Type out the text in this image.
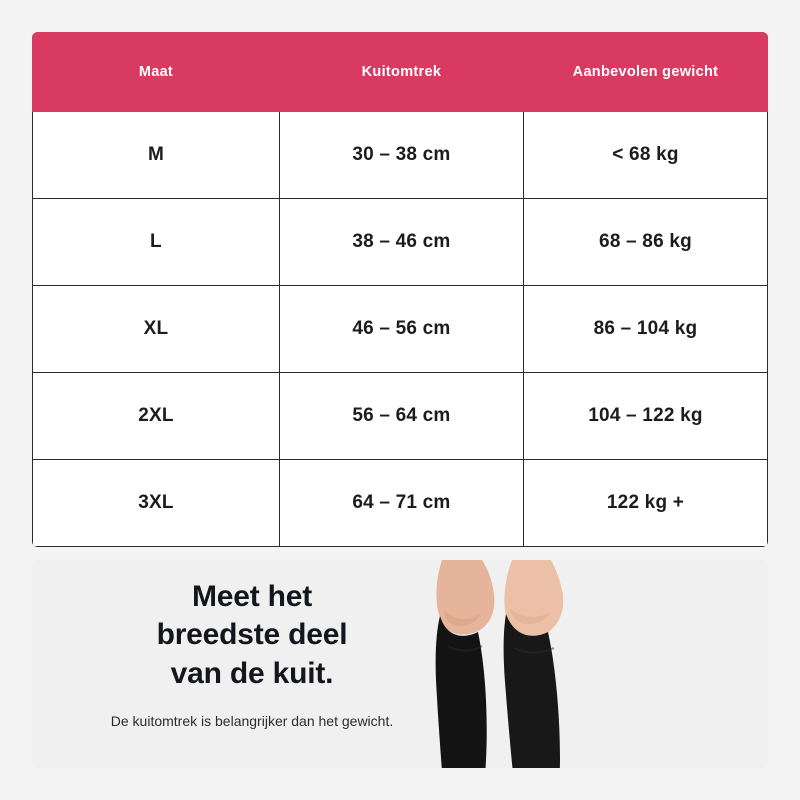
Maat	Kuitomtrek	Aanbevolen gewicht
M	30 – 38 cm	< 68 kg
L	38 – 46 cm	68 – 86 kg
XL	46 – 56 cm	86 – 104 kg
2XL	56 – 64 cm	104 – 122 kg
3XL	64 – 71 cm	122 kg +
Meet het
breedste deel
van de kuit.
De kuitomtrek is belangrijker dan het gewicht.
